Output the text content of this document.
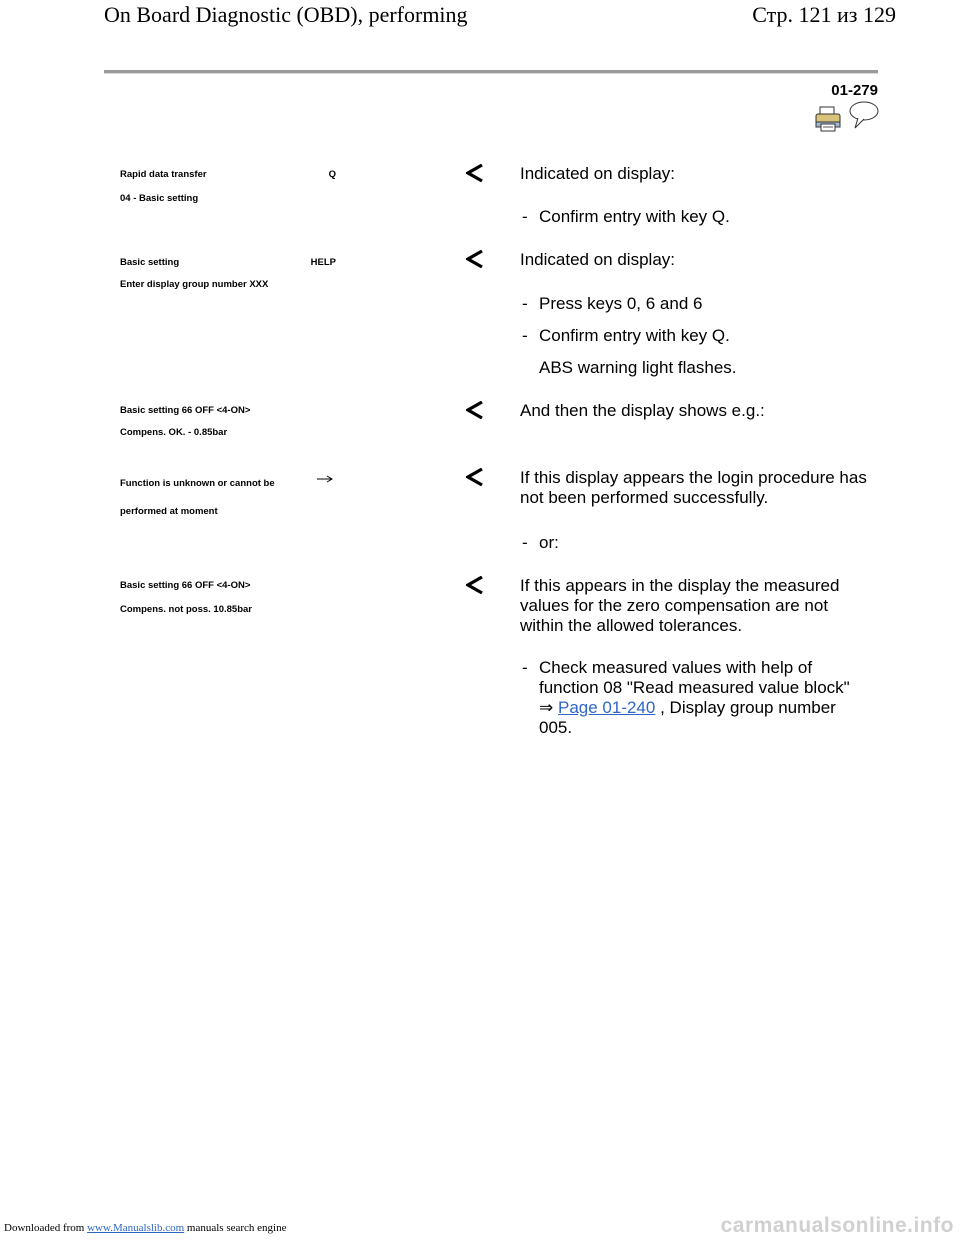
On Board Diagnostic (OBD), performing	Стр. 121 из 129
01-279
Rapid data transfer	Q
04 - Basic setting
Indicated on display:
- Confirm entry with key Q.
Basic setting	HELP
Enter display group number XXX
Indicated on display:
- Press keys 0, 6 and 6
- Confirm entry with key Q.
ABS warning light flashes.
Basic setting 66 OFF <4-ON>
Compens. OK. - 0.85bar
And then the display shows e.g.:
Function is unknown or cannot be
performed at moment
If this display appears the login procedure has not been performed successfully.
- or:
Basic setting 66 OFF <4-ON>
Compens. not poss. 10.85bar
If this appears in the display the measured values for the zero compensation are not within the allowed tolerances.
- Check measured values with help of function 08 "Read measured value block"
⇒ Page 01-240 , Display group number 005.
Downloaded from www.Manualslib.com manuals search engine	carmanualsonline.info
